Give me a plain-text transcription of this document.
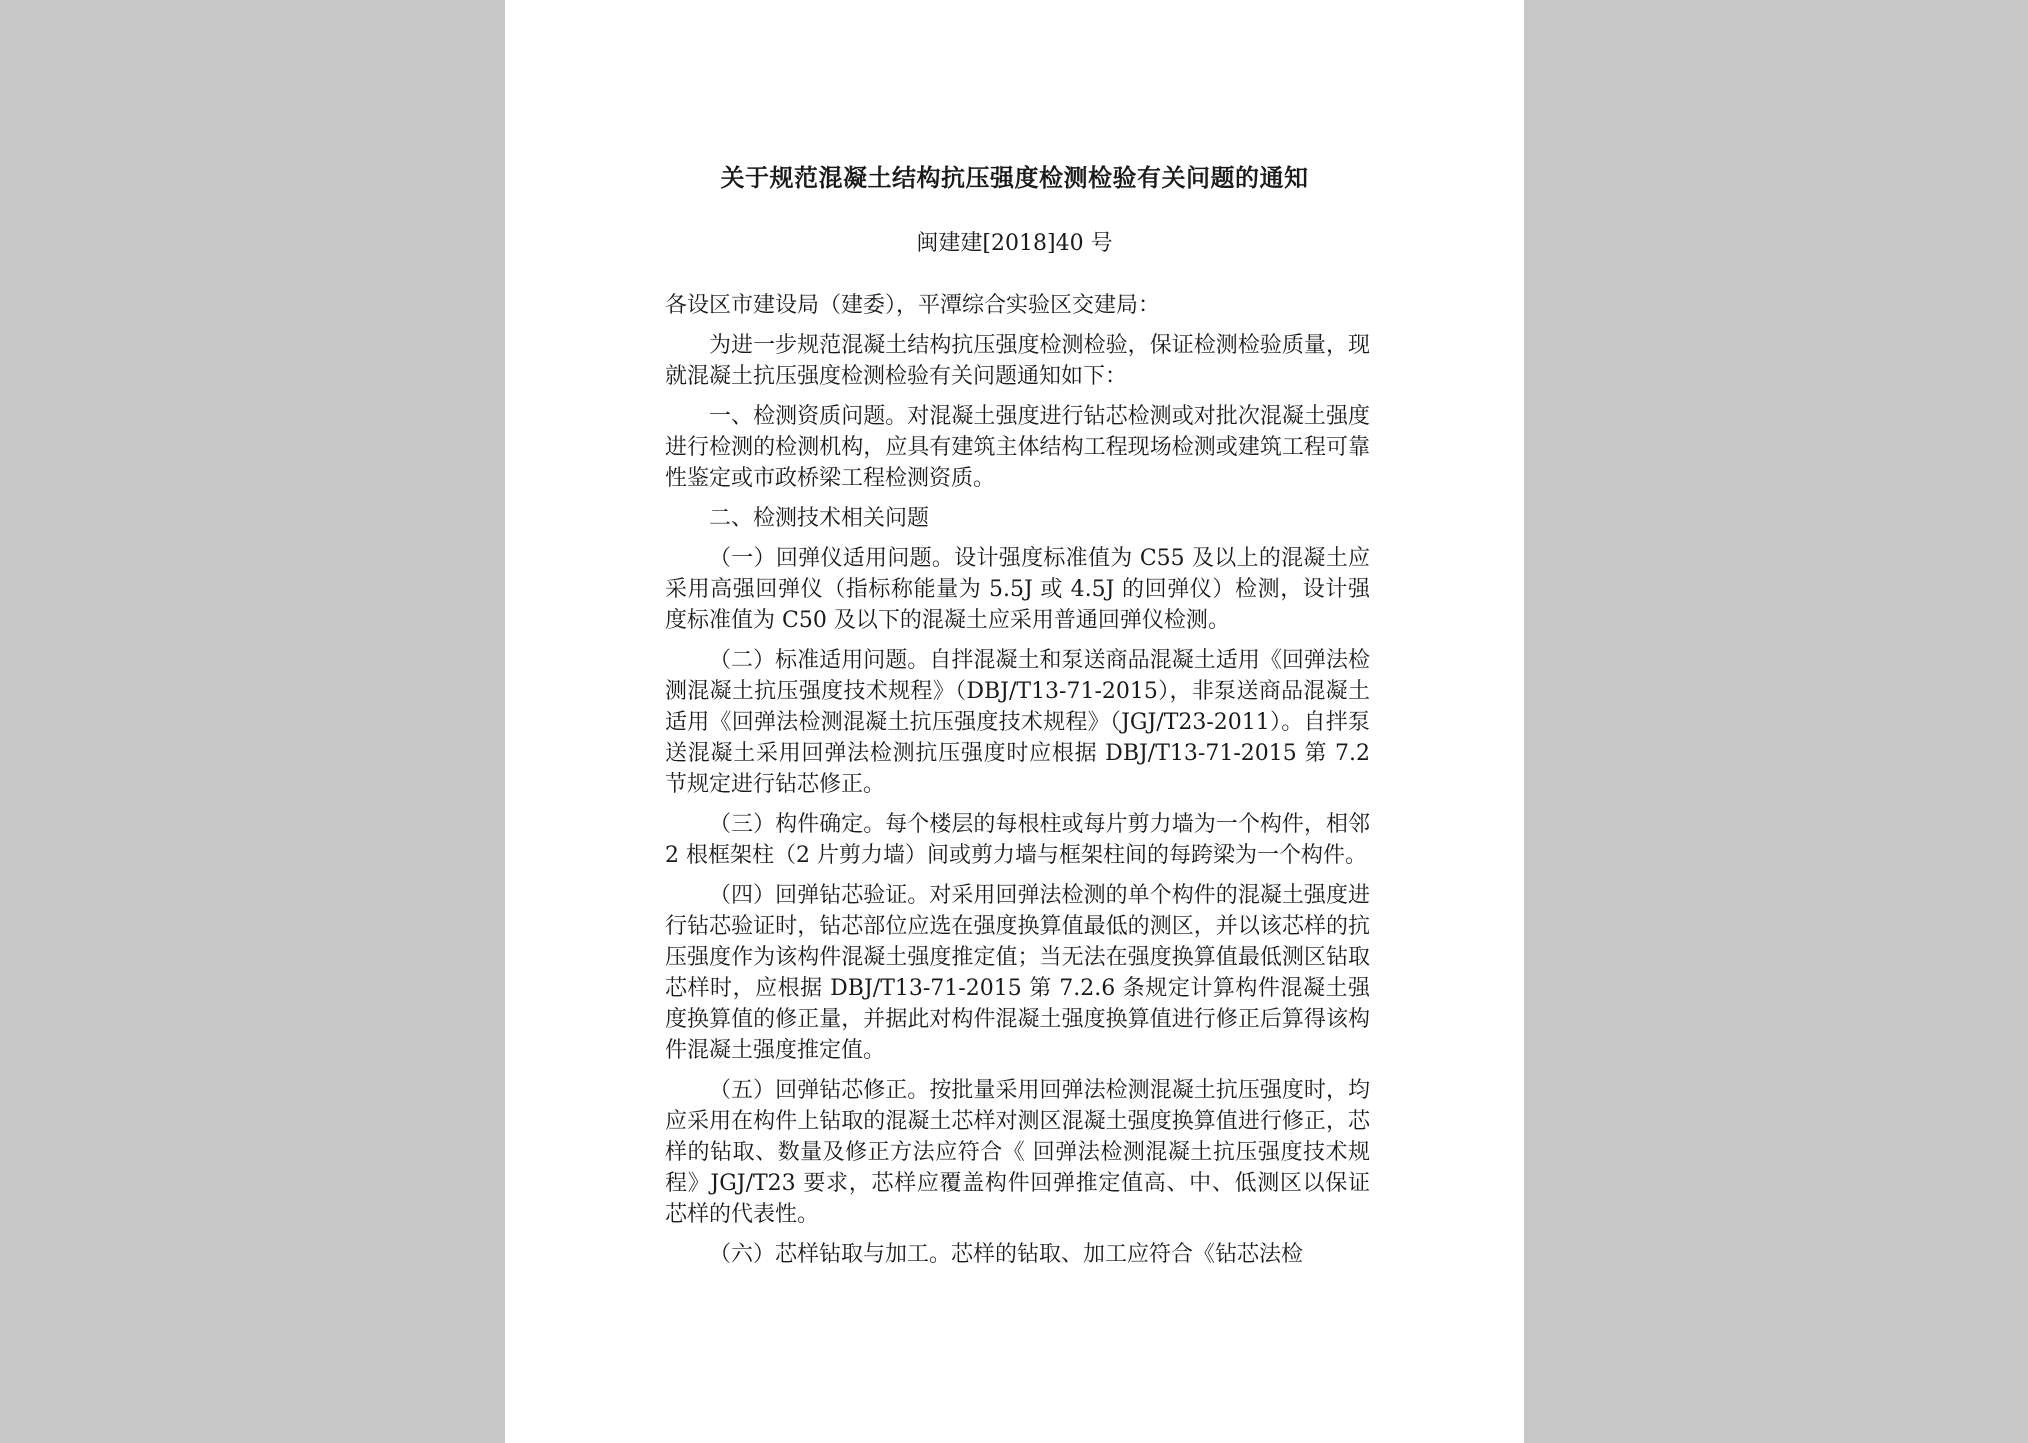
关于规范混凝土结构抗压强度检测检验有关问题的通知
闽建建[2018]40 号

各设区市建设局（建委），平潭综合实验区交建局：

为进一步规范混凝土结构抗压强度检测检验，保证检测检验质量，现就混凝土抗压强度检测检验有关问题通知如下：

一、检测资质问题。对混凝土强度进行钻芯检测或对批次混凝土强度进行检测的检测机构，应具有建筑主体结构工程现场检测或建筑工程可靠性鉴定或市政桥梁工程检测资质。

二、检测技术相关问题

（一）回弹仪适用问题。设计强度标准值为 C55 及以上的混凝土应采用高强回弹仪（指标称能量为 5.5J 或 4.5J 的回弹仪）检测，设计强度标准值为 C50 及以下的混凝土应采用普通回弹仪检测。

（二）标准适用问题。自拌混凝土和泵送商品混凝土适用《回弹法检测混凝土抗压强度技术规程》（DBJ/T13-71-2015），非泵送商品混凝土适用《回弹法检测混凝土抗压强度技术规程》（JGJ/T23-2011）。自拌泵送混凝土采用回弹法检测抗压强度时应根据 DBJ/T13-71-2015 第 7.2 节规定进行钻芯修正。

（三）构件确定。每个楼层的每根柱或每片剪力墙为一个构件，相邻 2 根框架柱（2 片剪力墙）间或剪力墙与框架柱间的每跨梁为一个构件。

（四）回弹钻芯验证。对采用回弹法检测的单个构件的混凝土强度进行钻芯验证时，钻芯部位应选在强度换算值最低的测区，并以该芯样的抗压强度作为该构件混凝土强度推定值；当无法在强度换算值最低测区钻取芯样时，应根据 DBJ/T13-71-2015 第 7.2.6 条规定计算构件混凝土强度换算值的修正量，并据此对构件混凝土强度换算值进行修正后算得该构件混凝土强度推定值。

（五）回弹钻芯修正。按批量采用回弹法检测混凝土抗压强度时，均应采用在构件上钻取的混凝土芯样对测区混凝土强度换算值进行修正，芯样的钻取、数量及修正方法应符合《 回弹法检测混凝土抗压强度技术规程》JGJ/T23 要求，芯样应覆盖构件回弹推定值高、中、低测区以保证芯样的代表性。

（六）芯样钻取与加工。芯样的钻取、加工应符合《钻芯法检
